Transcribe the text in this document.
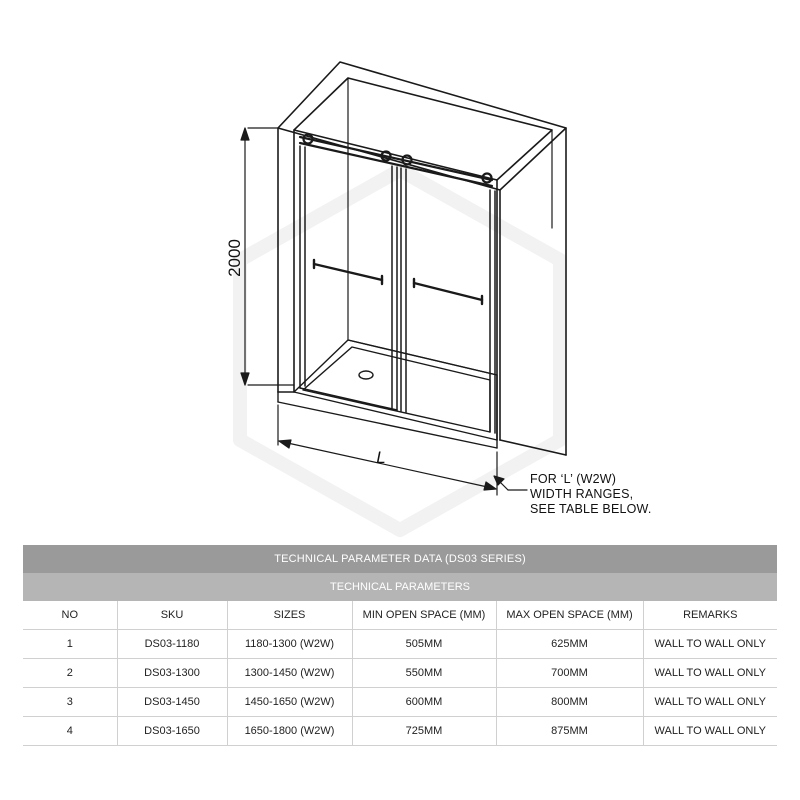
2000
L
FOR ‘L’ (W2W)
WIDTH RANGES,
SEE TABLE BELOW.
TECHNICAL PARAMETER DATA (DS03 SERIES)					
TECHNICAL PARAMETERS					
NO	SKU	SIZES	MIN OPEN SPACE (MM)	MAX OPEN SPACE (MM)	REMARKS
1	DS03-1180	1180-1300 (W2W)	505MM	625MM	WALL TO WALL ONLY
2	DS03-1300	1300-1450 (W2W)	550MM	700MM	WALL TO WALL ONLY
3	DS03-1450	1450-1650 (W2W)	600MM	800MM	WALL TO WALL ONLY
4	DS03-1650	1650-1800 (W2W)	725MM	875MM	WALL TO WALL ONLY
